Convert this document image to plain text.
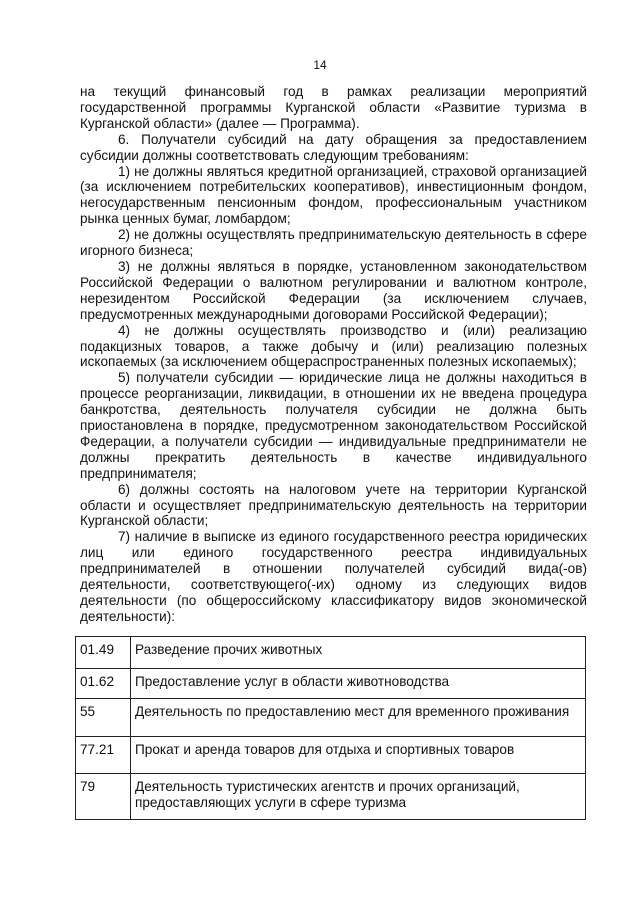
14

на текущий финансовый год в рамках реализации мероприятий государственной программы Курганской области «Развитие туризма в Курганской области» (далее — Программа).

6. Получатели субсидий на дату обращения за предоставлением субсидии должны соответствовать следующим требованиям:

1) не должны являться кредитной организацией, страховой организацией (за исключением потребительских кооперативов), инвестиционным фондом, негосударственным пенсионным фондом, профессиональным участником рынка ценных бумаг, ломбардом;

2) не должны осуществлять предпринимательскую деятельность в сфере игорного бизнеса;

3) не должны являться в порядке, установленном законодательством Российской Федерации о валютном регулировании и валютном контроле, нерезидентом Российской Федерации (за исключением случаев, предусмотренных международными договорами Российской Федерации);

4) не должны осуществлять производство и (или) реализацию подакцизных товаров, а также добычу и (или) реализацию полезных ископаемых (за исключением общераспространенных полезных ископаемых);

5) получатели субсидии — юридические лица не должны находиться в процессе реорганизации, ликвидации, в отношении их не введена процедура банкротства, деятельность получателя субсидии не должна быть приостановлена в порядке, предусмотренном законодательством Российской Федерации, а получатели субсидии — индивидуальные предприниматели не должны прекратить деятельность в качестве индивидуального предпринимателя;

6) должны состоять на налоговом учете на территории Курганской области и осуществляет предпринимательскую деятельность на территории Курганской области;

7) наличие в выписке из единого государственного реестра юридических лиц или единого государственного реестра индивидуальных предпринимателей в отношении получателей субсидий вида(-ов) деятельности, соответствующего(-их) одному из следующих видов деятельности (по общероссийскому классификатору видов экономической деятельности):

01.49	Разведение прочих животных
01.62	Предоставление услуг в области животноводства
55	Деятельность по предоставлению мест для временного проживания
77.21	Прокат и аренда товаров для отдыха и спортивных товаров
79	Деятельность туристических агентств и прочих организаций, предоставляющих услуги в сфере туризма
